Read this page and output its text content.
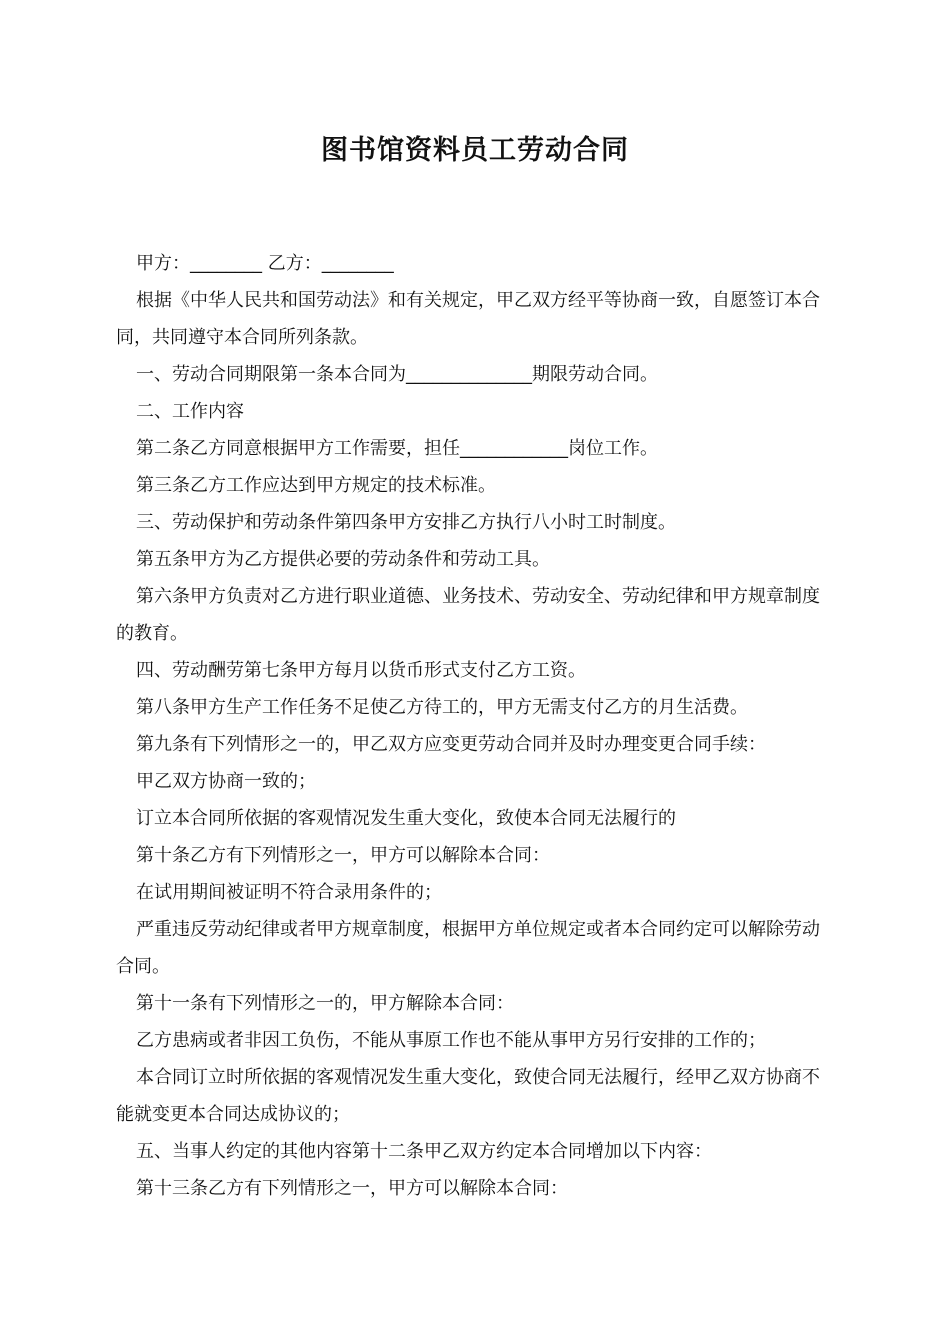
图书馆资料员工劳动合同

甲方：________ 乙方：________

根据《中华人民共和国劳动法》和有关规定，甲乙双方经平等协商一致，自愿签订本合同，共同遵守本合同所列条款。

一、劳动合同期限第一条本合同为______________期限劳动合同。

二、工作内容

第二条乙方同意根据甲方工作需要，担任____________岗位工作。

第三条乙方工作应达到甲方规定的技术标准。

三、劳动保护和劳动条件第四条甲方安排乙方执行八小时工时制度。

第五条甲方为乙方提供必要的劳动条件和劳动工具。

第六条甲方负责对乙方进行职业道德、业务技术、劳动安全、劳动纪律和甲方规章制度的教育。

四、劳动酬劳第七条甲方每月以货币形式支付乙方工资。

第八条甲方生产工作任务不足使乙方待工的，甲方无需支付乙方的月生活费。

第九条有下列情形之一的，甲乙双方应变更劳动合同并及时办理变更合同手续：

甲乙双方协商一致的；

订立本合同所依据的客观情况发生重大变化，致使本合同无法履行的

第十条乙方有下列情形之一，甲方可以解除本合同：

在试用期间被证明不符合录用条件的；

严重违反劳动纪律或者甲方规章制度，根据甲方单位规定或者本合同约定可以解除劳动合同。

第十一条有下列情形之一的，甲方解除本合同：

乙方患病或者非因工负伤，不能从事原工作也不能从事甲方另行安排的工作的；

本合同订立时所依据的客观情况发生重大变化，致使合同无法履行，经甲乙双方协商不能就变更本合同达成协议的；

五、当事人约定的其他内容第十二条甲乙双方约定本合同增加以下内容：

第十三条乙方有下列情形之一，甲方可以解除本合同：
